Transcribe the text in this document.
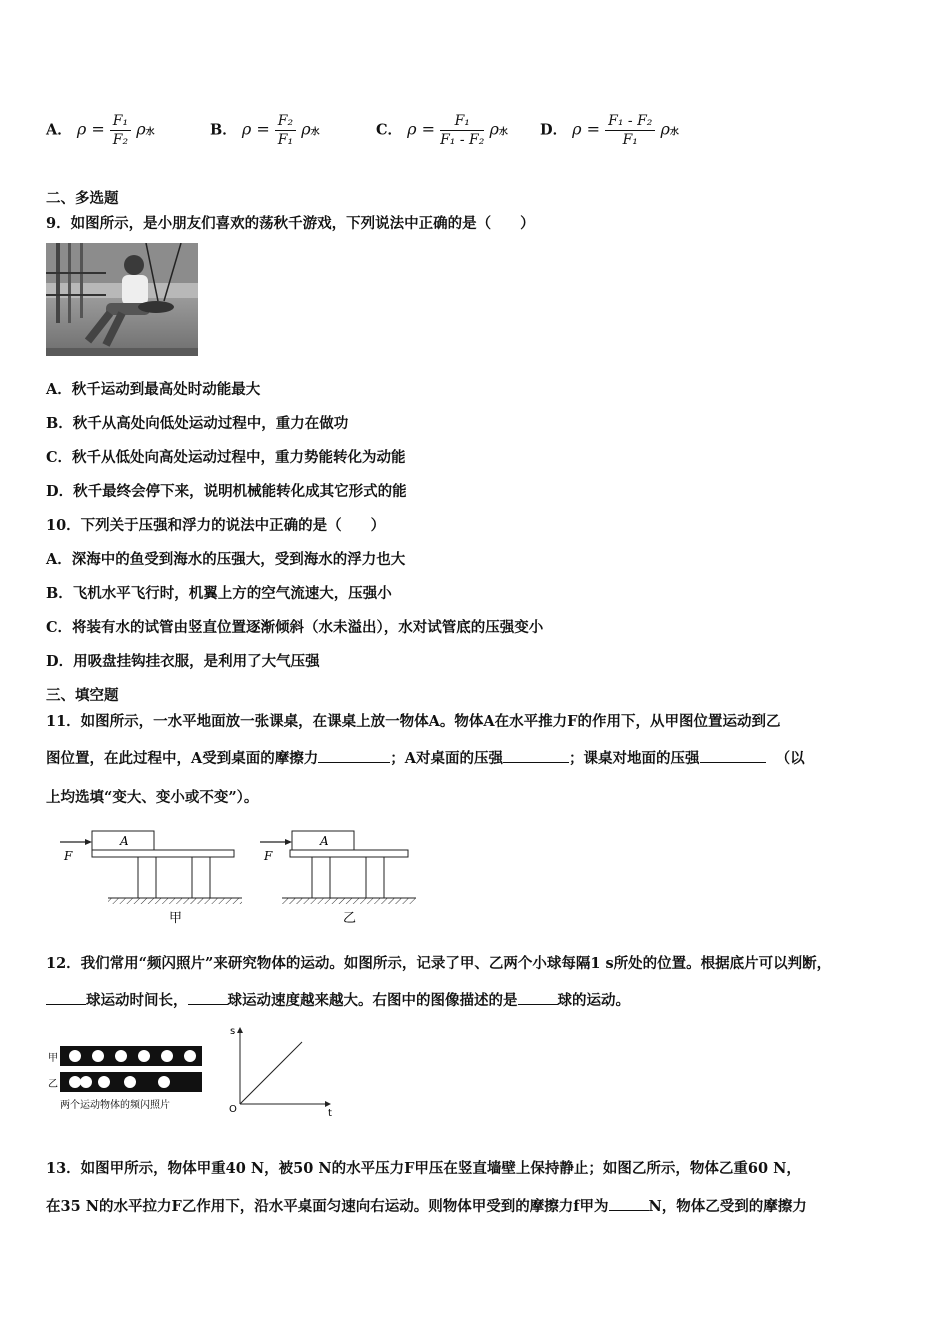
A． $\rho = \frac{\text{F₁}}{\text{F₂}}$ ρ水	B． $\rho = \frac{\text{F₂}}{\text{F₁}}$ ρ水	C． $\rho = \frac{\text{F₁}}{\text{F₁ - F₂}}$ ρ水 D． $\rho = \frac{\text{F₁ - F₂}}{\text{F₁}}$ ρ水
二、多选题
9．如图所示，是小朋友们喜欢的荡秋千游戏，下列说法中正确的是（　　）
A．秋千运动到最高处时动能最大
B．秋千从高处向低处运动过程中，重力在做功
C．秋千从低处向高处运动过程中，重力势能转化为动能
D．秋千最终会停下来，说明机械能转化成其它形式的能
10．下列关于压强和浮力的说法中正确的是（　　）
A．深海中的鱼受到海水的压强大，受到海水的浮力也大
B．飞机水平飞行时，机翼上方的空气流速大，压强小
C．将装有水的试管由竖直位置逐渐倾斜（水未溢出），水对试管底的压强变小
D．用吸盘挂钩挂衣服，是利用了大气压强
三、填空题
11．如图所示，一水平地面放一张课桌，在课桌上放一物体A。物体A在水平推力F的作用下，从甲图位置运动到乙
图位置，在此过程中，A受到桌面的摩擦力	；A对桌面的压强	；课桌对地面的压强	（以
上均选填“变大、变小或不变”）。
A
F
甲
A
F
乙
12．我们常用“频闪照片”来研究物体的运动。如图所示，记录了甲、乙两个小球每隔1 s所处的位置。根据底片可以判断，
球运动时间长，	球运动速度越来越大。右图中的图像描述的是	球的运动。
甲
乙
两个运动物体的频闪照片
s
t
O
13．如图甲所示，物体甲重40 N，被50 N的水平压力F甲压在竖直墙壁上保持静止；如图乙所示，物体乙重60 N，
在35 N的水平拉力F乙作用下，沿水平桌面匀速向右运动。则物体甲受到的摩擦力f甲为	N，物体乙受到的摩擦力
